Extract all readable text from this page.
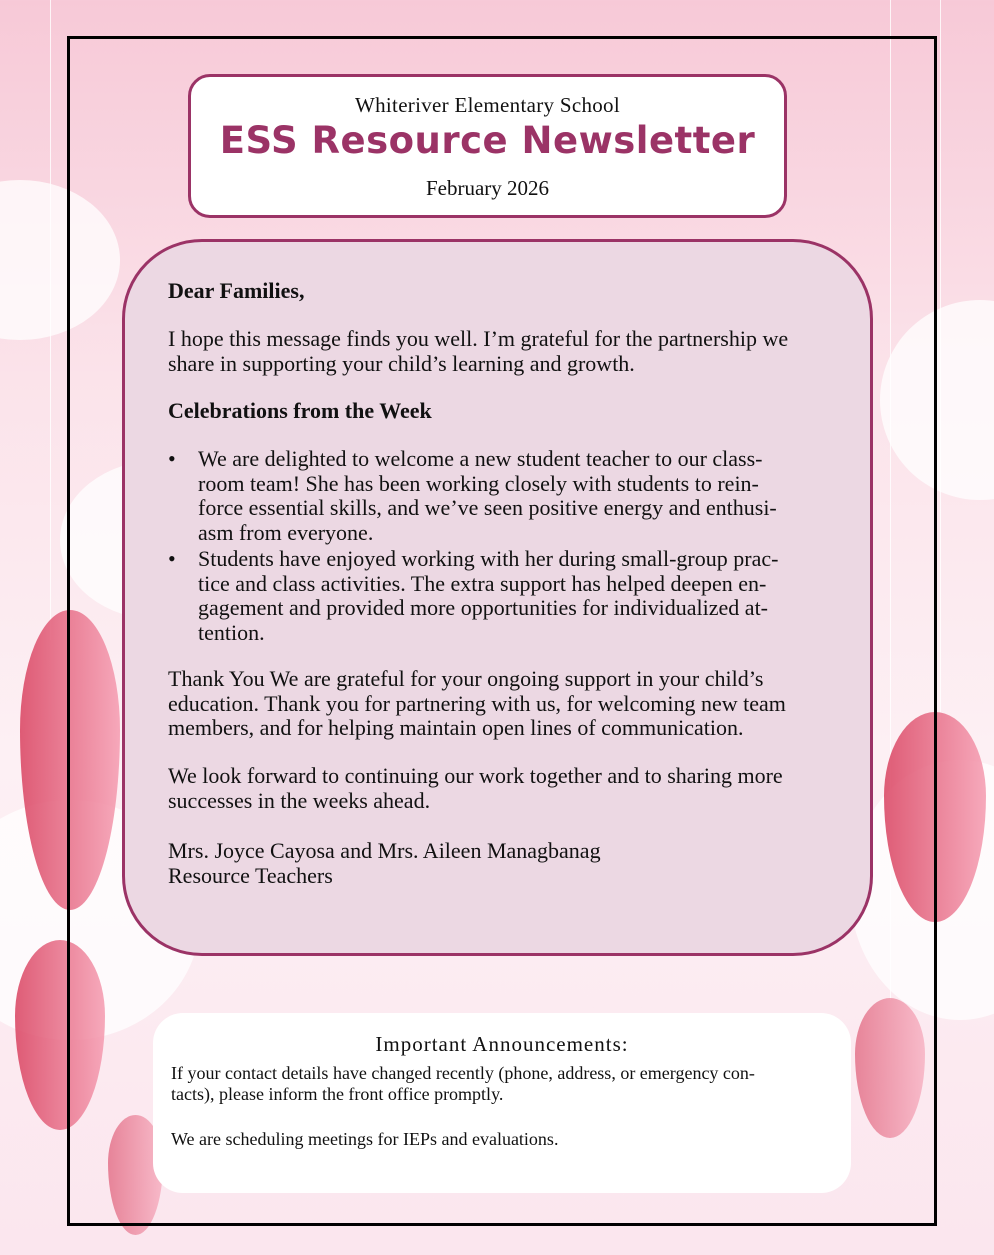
Whiteriver Elementary School
ESS Resource Newsletter
February 2026
Dear Families,
I hope this message finds you well. I’m grateful for the partnership we
share in supporting your child’s learning and growth.
Celebrations from the Week
• We are delighted to welcome a new student teacher to our class-
room team! She has been working closely with students to rein-
force essential skills, and we’ve seen positive energy and enthusi-
asm from everyone.
• Students have enjoyed working with her during small-group prac-
tice and class activities. The extra support has helped deepen en-
gagement and provided more opportunities for individualized at-
tention.
Thank You We are grateful for your ongoing support in your child’s
education. Thank you for partnering with us, for welcoming new team
members, and for helping maintain open lines of communication.
We look forward to continuing our work together and to sharing more
successes in the weeks ahead.
Mrs. Joyce Cayosa and Mrs. Aileen Managbanag
Resource Teachers
Important Announcements:
If your contact details have changed recently (phone, address, or emergency con-
tacts), please inform the front office promptly.
We are scheduling meetings for IEPs and evaluations.
